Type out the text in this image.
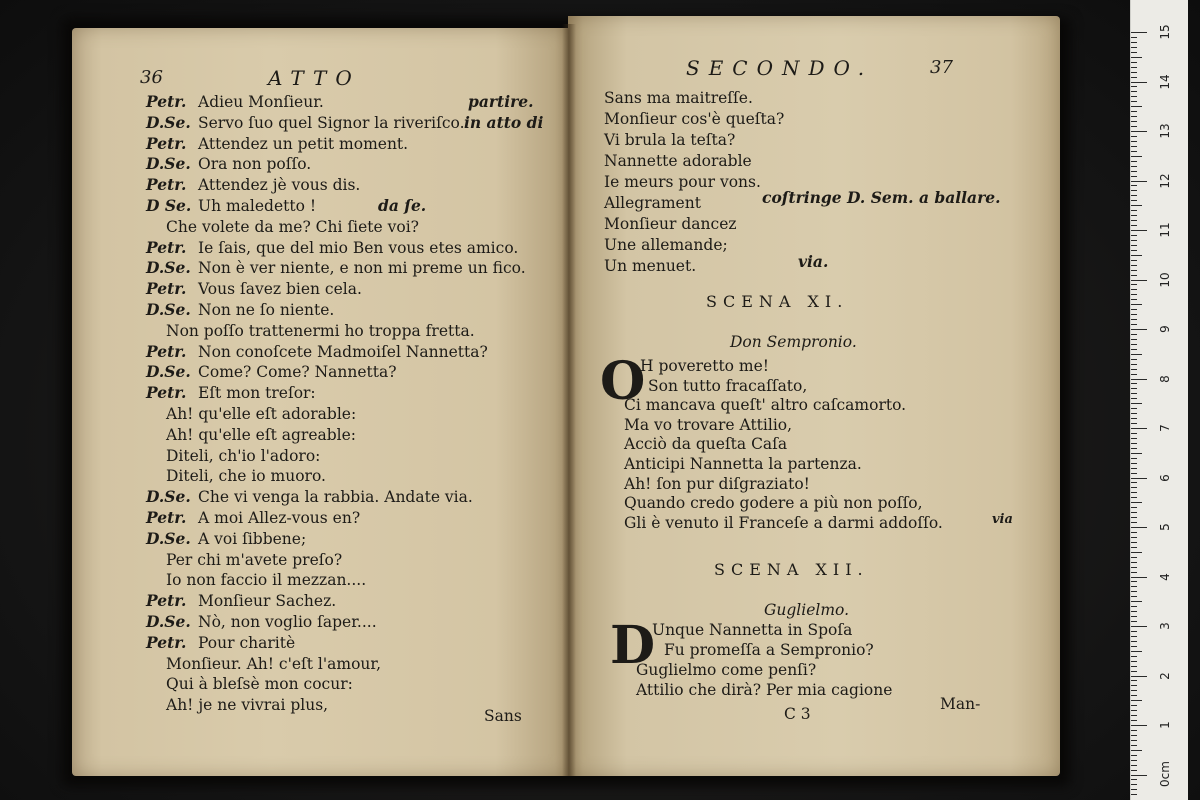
36	ATTO
Petr. Adieu Monſieur.	partire.
D.Se. Servo ſuo quel Signor la riveriſco. in atto di
Petr. Attendez un petit moment.
D.Se. Ora non poſſo.
Petr. Attendez jè vous dis.
D Se. Uh maledetto !	da ſe.
Che volete da me? Chi ſiete voi?
Petr. Ie ſais, que del mio Ben vous etes amico.
D.Se. Non è ver niente, e non mi preme un fico.
Petr. Vous ſavez bien cela.
D.Se. Non ne ſo niente.
Non poſſo trattenermi ho troppa fretta.
Petr. Non conoſcete Madmoiſel Nannetta?
D.Se. Come? Come? Nannetta?
Petr. Eſt mon treſor:
Ah! qu'elle eſt adorable:
Ah! qu'elle eſt agreable:
Diteli, ch'io l'adoro:
Diteli, che io muoro.
D.Se. Che vi venga la rabbia. Andate via.
Petr. A moi Allez-vous en?
D.Se. A voi ſibbene;
Per chi m'avete preſo?
Io non faccio il mezzan....
Petr. Monſieur Sachez.
D.Se. Nò, non voglio ſaper....
Petr. Pour charitè
Monſieur. Ah! c'eſt l'amour,
Qui à bleſsè mon cocur:
Ah! je ne vivrai plus,
Sans
SECONDO.	37
Sans ma maitreſſe.
Monſieur cos'è queſta?
Vi brula la teſta?
Nannette adorable
Ie meurs pour vons.
Allegrament
Monſieur dancez
Une allemande;
Un menuet.
coſtringe D. Sem. a ballare.
via.
SCENA XI.
Don Sempronio.
O
H poveretto me!
Son tutto fracaſſato,
Ci mancava queſt' altro caſcamorto.
Ma vo trovare Attilio,
Acciò da queſta Caſa
Anticipi Nannetta la partenza.
Ah! ſon pur diſgraziato!
Quando credo godere a più non poſſo,
Gli è venuto il Franceſe a darmi addoſſo.	via
SCENA XII.
Guglielmo.
D
Unque Nannetta in Spoſa
Fu promeſſa a Sempronio?
Guglielmo come penſi?
Attilio che dirà? Per mia cagione
C 3
Man-
15
14
13
12
11
10
9
8
7
6
5
4
3
2
1
0cm
